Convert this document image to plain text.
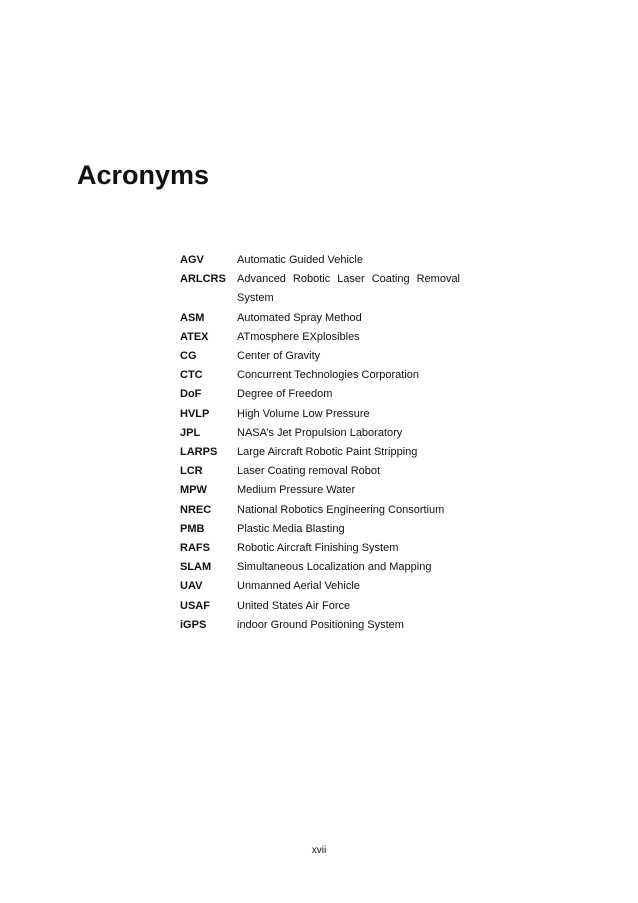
Acronyms
AGV	Automatic Guided Vehicle
ARLCRS	Advanced Robotic Laser Coating Removal
System
ASM	Automated Spray Method
ATEX	ATmosphere EXplosibles
CG	Center of Gravity
CTC	Concurrent Technologies Corporation
DoF	Degree of Freedom
HVLP	High Volume Low Pressure
JPL	NASA’s Jet Propulsion Laboratory
LARPS	Large Aircraft Robotic Paint Stripping
LCR	Laser Coating removal Robot
MPW	Medium Pressure Water
NREC	National Robotics Engineering Consortium
PMB	Plastic Media Blasting
RAFS	Robotic Aircraft Finishing System
SLAM	Simultaneous Localization and Mapping
UAV	Unmanned Aerial Vehicle
USAF	United States Air Force
iGPS	indoor Ground Positioning System
xvii
